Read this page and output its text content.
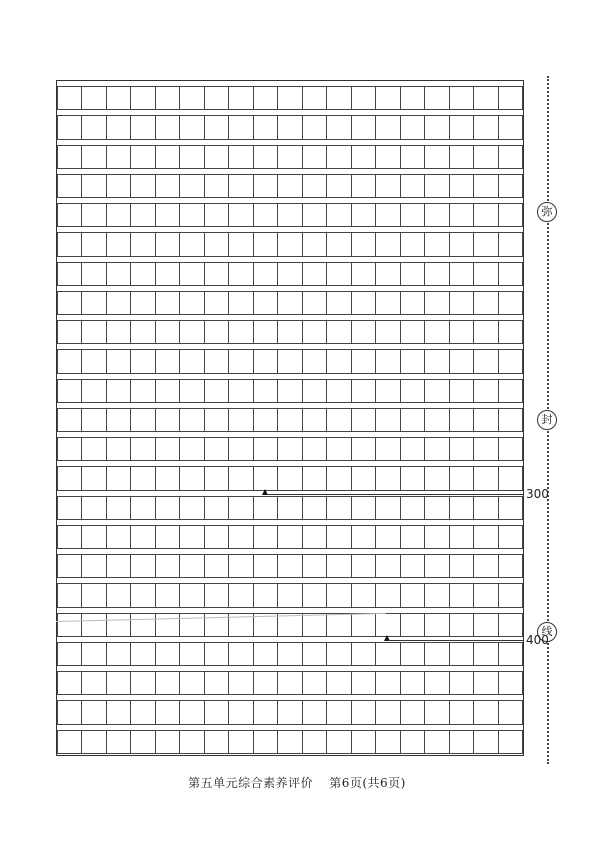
弥
封
线
第五单元综合素养评价 第6页(共6页)
300
400
